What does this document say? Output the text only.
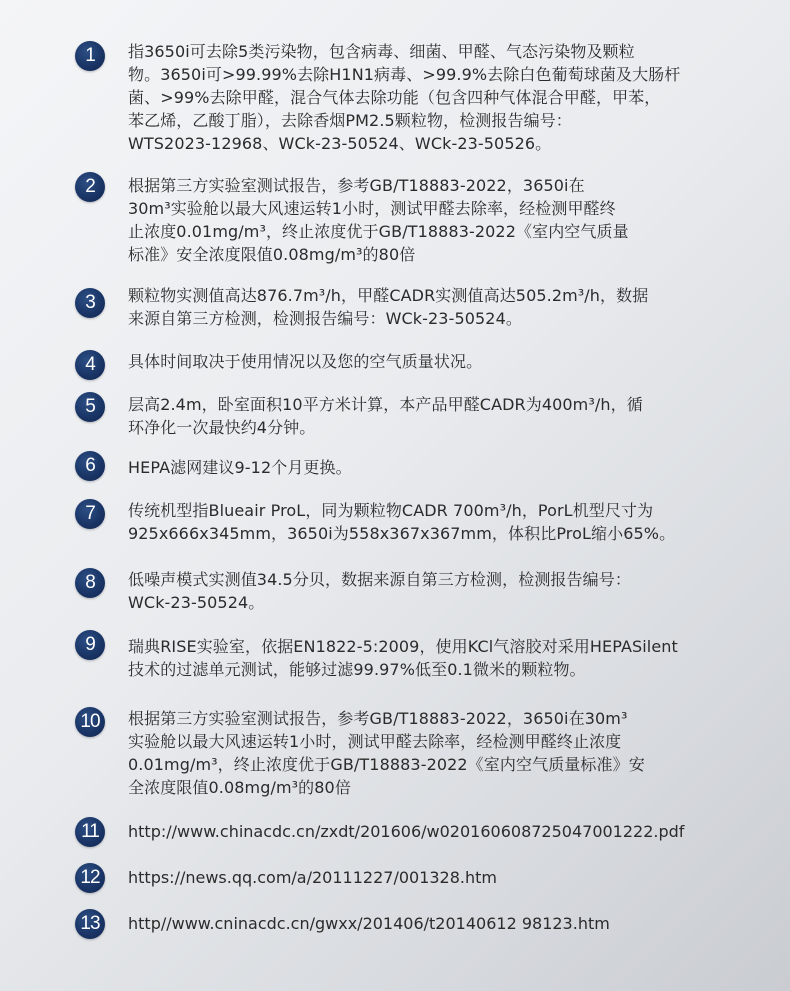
1	指3650i可去除5类污染物，包含病毒、细菌、甲醛、气态污染物及颗粒
物。3650i可>99.99%去除H1N1病毒、>99.9%去除白色葡萄球菌及大肠杆
菌、>99%去除甲醛，混合气体去除功能（包含四种气体混合甲醛，甲苯，
苯乙烯，乙酸丁脂），去除香烟PM2.5颗粒物，检测报告编号：
WTS2023-12968、WCk-23-50524、WCk-23-50526。
2	根据第三方实验室测试报告，参考GB/T18883-2022，3650i在
30m³实验舱以最大风速运转1小时，测试甲醛去除率，经检测甲醛终
止浓度0.01mg/m³，终止浓度优于GB/T18883-2022《室内空气质量
标准》安全浓度限值0.08mg/m³的80倍
3	颗粒物实测值高达876.7m³/h，甲醛CADR实测值高达505.2m³/h，数据
来源自第三方检测，检测报告编号：WCk-23-50524。
4	具体时间取决于使用情况以及您的空气质量状况。
5	层高2.4m，卧室面积10平方米计算，本产品甲醛CADR为400m³/h，循
环净化一次最快约4分钟。
6	HEPA滤网建议9-12个月更换。
7	传统机型指Blueair ProL，同为颗粒物CADR 700m³/h，PorL机型尺寸为
925x666x345mm，3650i为558x367x367mm，体积比ProL缩小65%。
8	低噪声模式实测值34.5分贝，数据来源自第三方检测，检测报告编号：
WCk-23-50524。
9	瑞典RISE实验室，依据EN1822-5:2009，使用KCl气溶胶对采用HEPASilent
技术的过滤单元测试，能够过滤99.97%低至0.1微米的颗粒物。
10	根据第三方实验室测试报告，参考GB/T18883-2022，3650i在30m³
实验舱以最大风速运转1小时，测试甲醛去除率，经检测甲醛终止浓度
0.01mg/m³，终止浓度优于GB/T18883-2022《室内空气质量标准》安
全浓度限值0.08mg/m³的80倍
11	http://www.chinacdc.cn/zxdt/201606/w020160608725047001222.pdf
12	https://news.qq.com/a/20111227/001328.htm
13	http//www.cninacdc.cn/gwxx/201406/t20140612 98123.htm
